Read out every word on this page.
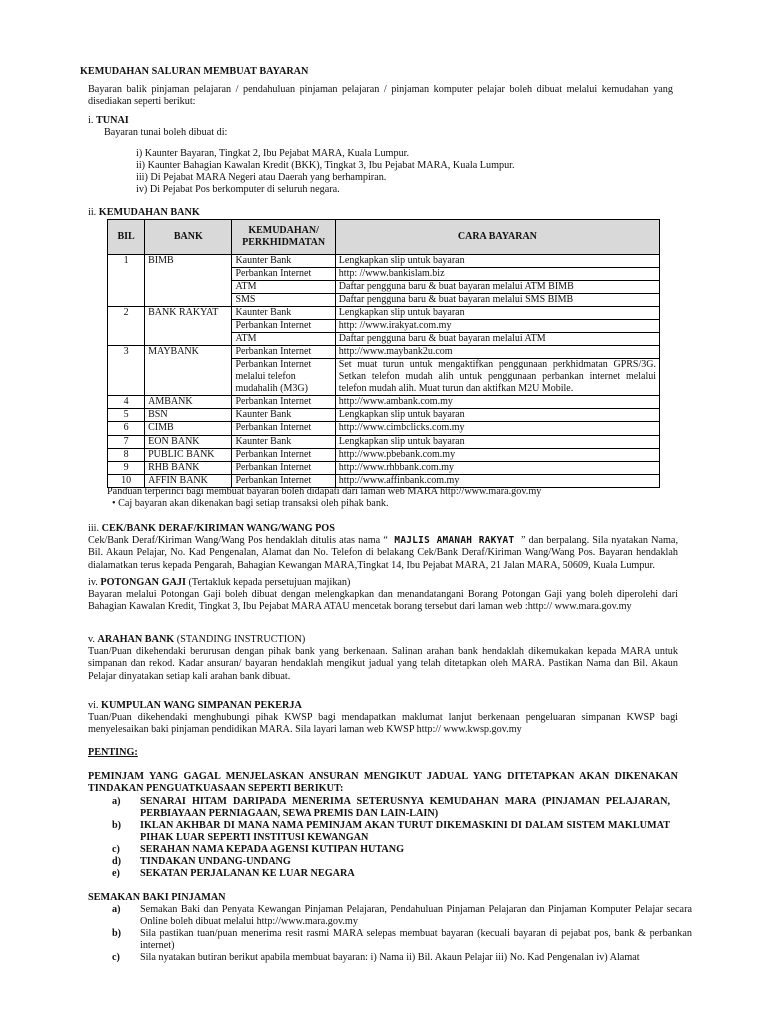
KEMUDAHAN SALURAN MEMBUAT BAYARAN
Bayaran balik pinjaman pelajaran / pendahuluan pinjaman pelajaran / pinjaman komputer pelajar boleh dibuat melalui kemudahan yang disediakan seperti berikut:
i. TUNAI
Bayaran tunai boleh dibuat di:
i) Kaunter Bayaran, Tingkat 2, Ibu Pejabat MARA, Kuala Lumpur.
ii) Kaunter Bahagian Kawalan Kredit (BKK), Tingkat 3, Ibu Pejabat MARA, Kuala Lumpur.
iii) Di Pejabat MARA Negeri atau Daerah yang berhampiran.
iv) Di Pejabat Pos berkomputer di seluruh negara.
ii. KEMUDAHAN BANK
BIL	BANK	KEMUDAHAN/ PERKHIDMATAN	CARA BAYARAN
1	BIMB	Kaunter Bank	Lengkapkan slip untuk bayaran
		Perbankan Internet	http: //www.bankislam.biz
		ATM	Daftar pengguna baru & buat bayaran melalui ATM BIMB
		SMS	Daftar pengguna baru & buat bayaran melalui SMS BIMB
2	BANK RAKYAT	Kaunter Bank	Lengkapkan slip untuk bayaran
		Perbankan Internet	http: //www.irakyat.com.my
		ATM	Daftar pengguna baru & buat bayaran melalui ATM
3	MAYBANK	Perbankan Internet	http://www.maybank2u.com
		Perbankan Internet melalui telefon mudahalih (M3G)	Set muat turun untuk mengaktifkan penggunaan perkhidmatan GPRS/3G. Setkan telefon mudah alih untuk penggunaan perbankan internet melalui telefon mudah alih. Muat turun dan aktifkan M2U Mobile.
4	AMBANK	Perbankan Internet	http://www.ambank.com.my
5	BSN	Kaunter Bank	Lengkapkan slip untuk bayaran
6	CIMB	Perbankan Internet	http://www.cimbclicks.com.my
7	EON BANK	Kaunter Bank	Lengkapkan slip untuk bayaran
8	PUBLIC BANK	Perbankan Internet	http://www.pbebank.com.my
9	RHB BANK	Perbankan Internet	http://www.rhbbank.com.my
10	AFFIN BANK	Perbankan Internet	http://www.affinbank.com.my
Panduan terperinci bagi membuat bayaran boleh didapati dari laman web MARA http://www.mara.gov.my
• Caj bayaran akan dikenakan bagi setiap transaksi oleh pihak bank.
iii. CEK/BANK DERAF/KIRIMAN WANG/WANG POS
Cek/Bank Deraf/Kiriman Wang/Wang Pos hendaklah ditulis atas nama “ MAJLIS AMANAH RAKYAT ” dan berpalang. Sila nyatakan Nama, Bil. Akaun Pelajar, No. Kad Pengenalan, Alamat dan No. Telefon di belakang Cek/Bank Deraf/Kiriman Wang/Wang Pos. Bayaran hendaklah dialamatkan terus kepada Pengarah, Bahagian Kewangan MARA,Tingkat 14, Ibu Pejabat MARA, 21 Jalan MARA, 50609, Kuala Lumpur.
iv. POTONGAN GAJI (Tertakluk kepada persetujuan majikan)
Bayaran melalui Potongan Gaji boleh dibuat dengan melengkapkan dan menandatangani Borang Potongan Gaji yang boleh diperolehi dari Bahagian Kawalan Kredit, Tingkat 3, Ibu Pejabat MARA ATAU mencetak borang tersebut dari laman web :http:// www.mara.gov.my
v. ARAHAN BANK (STANDING INSTRUCTION)
Tuan/Puan dikehendaki berurusan dengan pihak bank yang berkenaan. Salinan arahan bank hendaklah dikemukakan kepada MARA untuk simpanan dan rekod. Kadar ansuran/ bayaran hendaklah mengikut jadual yang telah ditetapkan oleh MARA. Pastikan Nama dan Bil. Akaun Pelajar dinyatakan setiap kali arahan bank dibuat.
vi. KUMPULAN WANG SIMPANAN PEKERJA
Tuan/Puan dikehendaki menghubungi pihak KWSP bagi mendapatkan maklumat lanjut berkenaan pengeluaran simpanan KWSP bagi menyelesaikan baki pinjaman pendidikan MARA. Sila layari laman web KWSP http:// www.kwsp.gov.my
PENTING:
PEMINJAM YANG GAGAL MENJELASKAN ANSURAN MENGIKUT JADUAL YANG DITETAPKAN AKAN DIKENAKAN TINDAKAN PENGUATKUASAAN SEPERTI BERIKUT:
a) SENARAI HITAM DARIPADA MENERIMA SETERUSNYA KEMUDAHAN MARA (PINJAMAN PELAJARAN, PERBIAYAAN PERNIAGAAN, SEWA PREMIS DAN LAIN-LAIN)
b) IKLAN AKHBAR DI MANA NAMA PEMINJAM AKAN TURUT DIKEMASKINI DI DALAM SISTEM MAKLUMAT PIHAK LUAR SEPERTI INSTITUSI KEWANGAN
c) SERAHAN NAMA KEPADA AGENSI KUTIPAN HUTANG
d) TINDAKAN UNDANG-UNDANG
e) SEKATAN PERJALANAN KE LUAR NEGARA
SEMAKAN BAKI PINJAMAN
a) Semakan Baki dan Penyata Kewangan Pinjaman Pelajaran, Pendahuluan Pinjaman Pelajaran dan Pinjaman Komputer Pelajar secara Online boleh dibuat melalui http://www.mara.gov.my
b) Sila pastikan tuan/puan menerima resit rasmi MARA selepas membuat bayaran (kecuali bayaran di pejabat pos, bank & perbankan internet)
c) Sila nyatakan butiran berikut apabila membuat bayaran: i) Nama ii) Bil. Akaun Pelajar iii) No. Kad Pengenalan iv) Alamat
